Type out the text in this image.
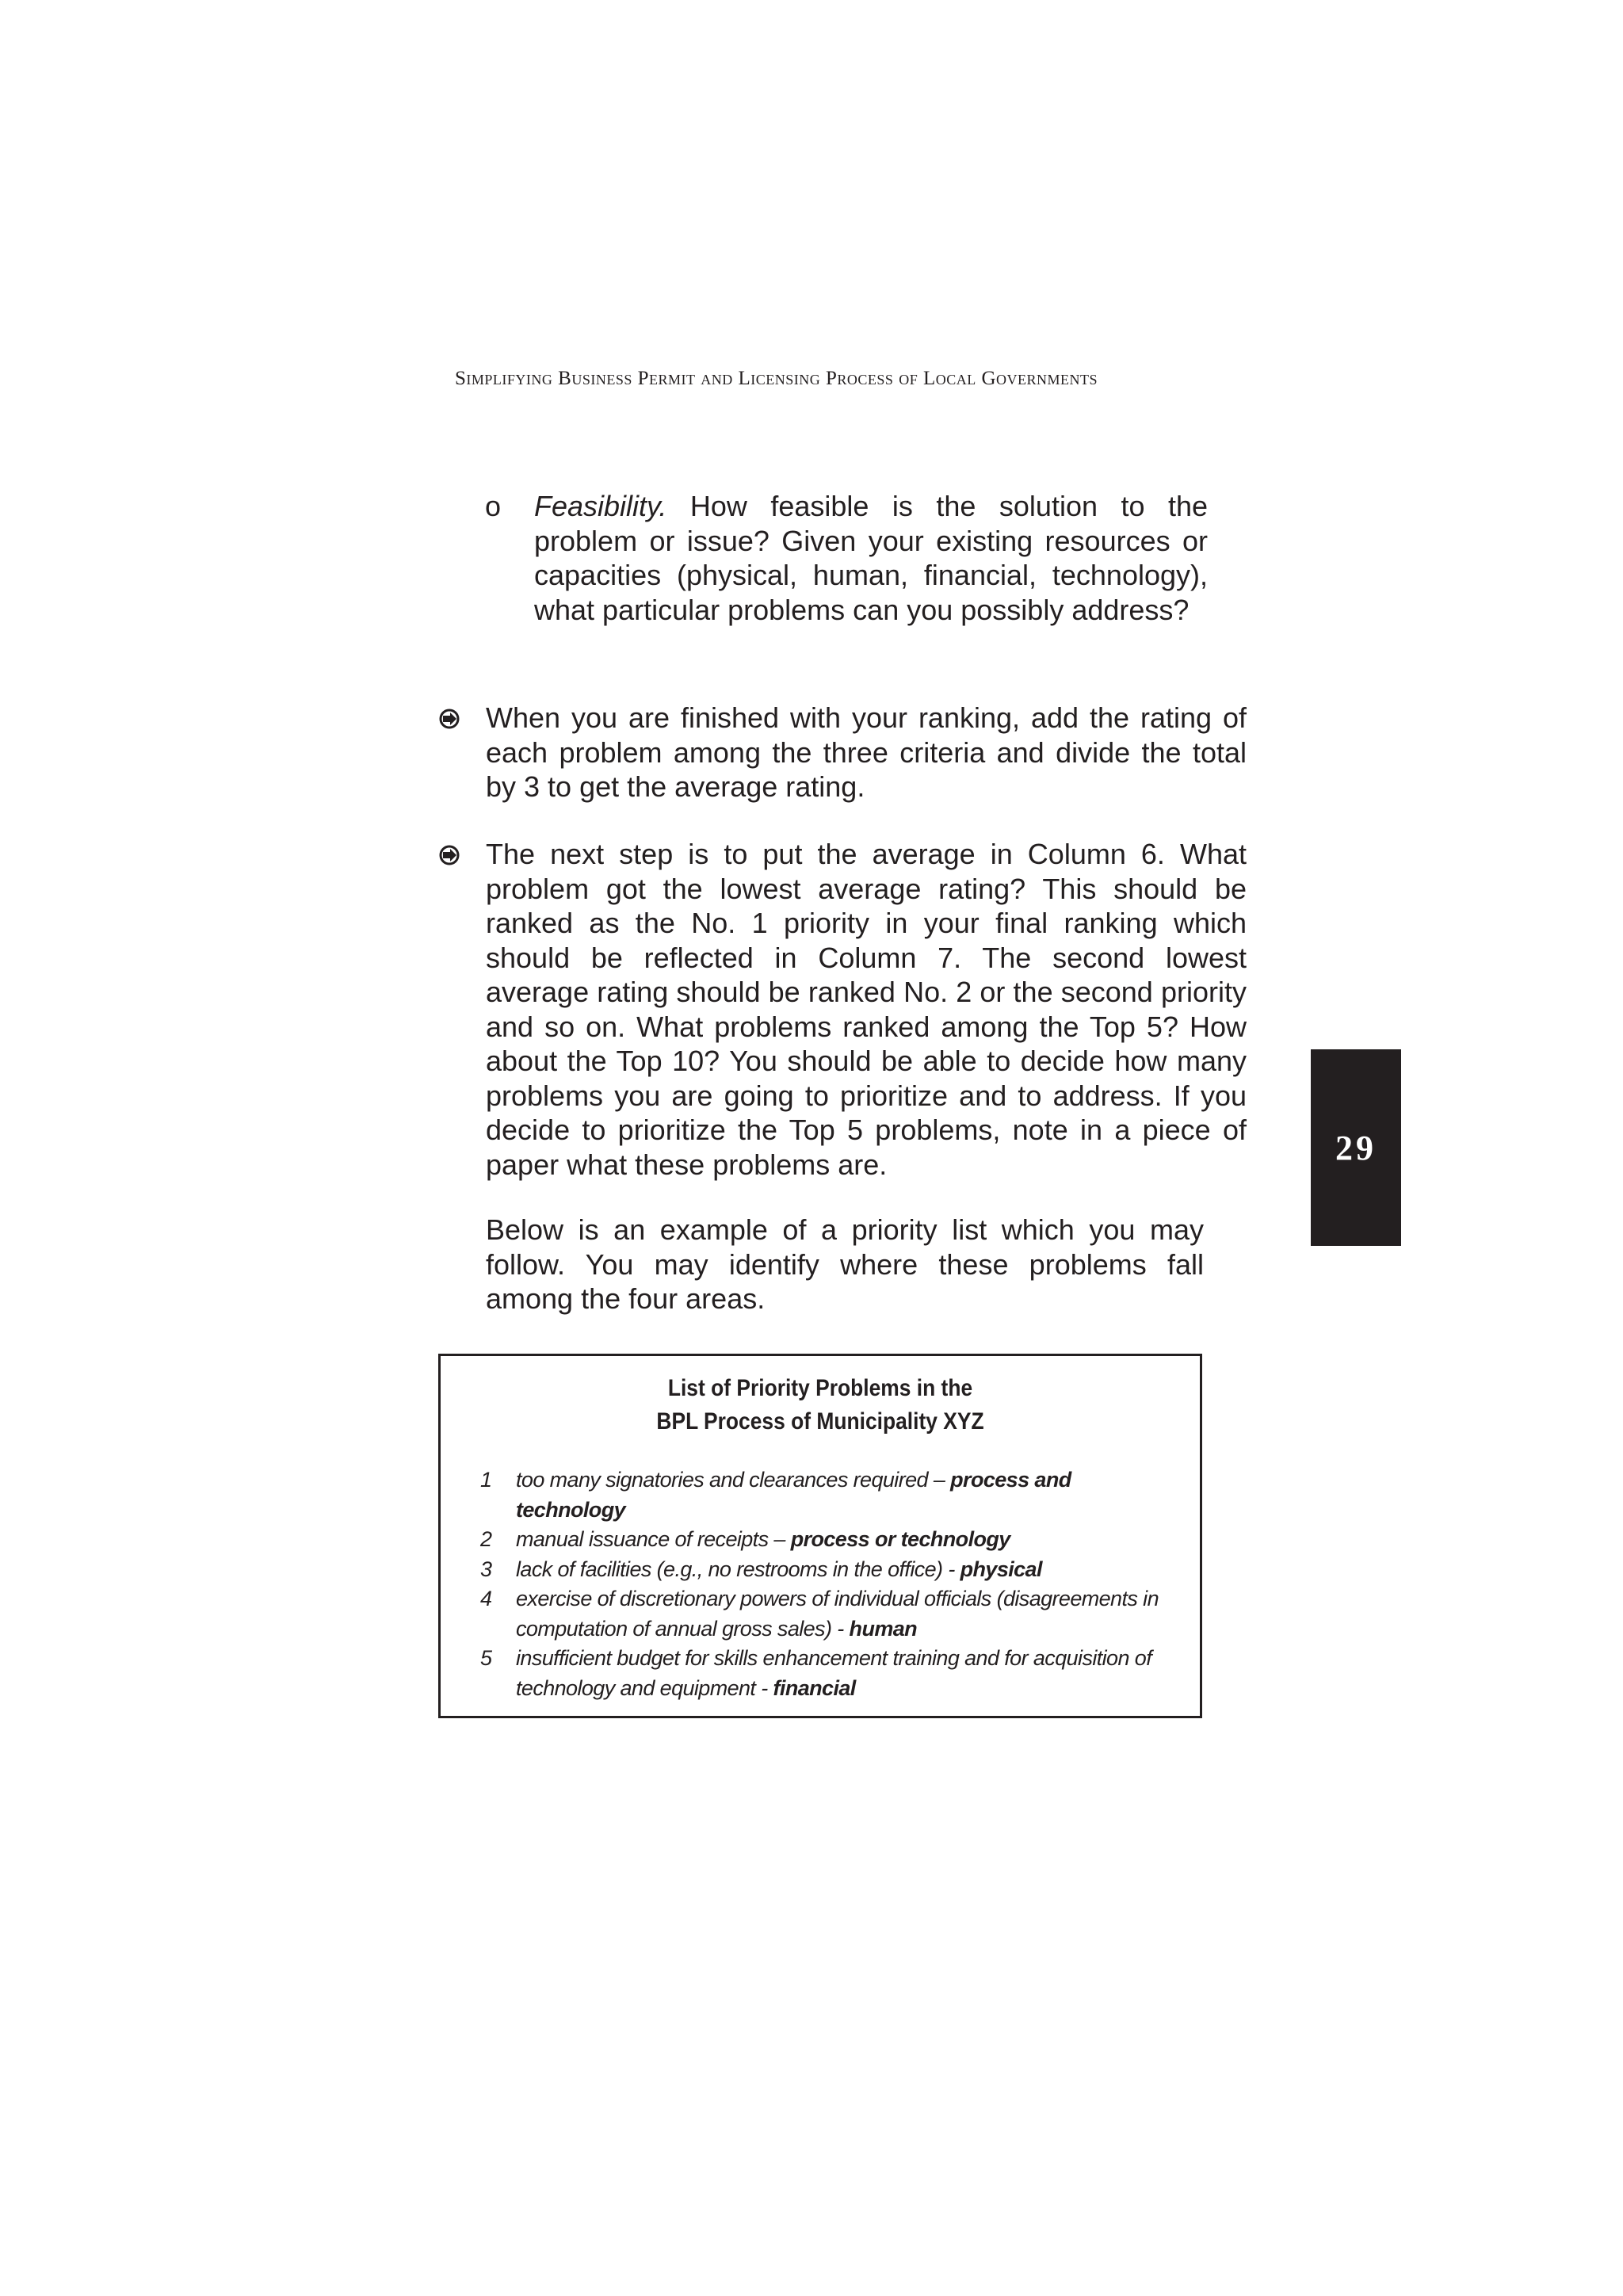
Simplifying Business Permit and Licensing Process of Local Governments
o Feasibility. How feasible is the solution to the problem or issue? Given your existing resources or capacities (physical, human, financial, technology), what particular problems can you possibly address?
When you are finished with your ranking, add the rating of each problem among the three criteria and divide the total by 3 to get the average rating.
The next step is to put the average in Column 6. What problem got the lowest average rating? This should be ranked as the No. 1 priority in your final ranking which should be reflected in Column 7. The second lowest average rating should be ranked No. 2 or the second priority and so on. What problems ranked among the Top 5? How about the Top 10? You should be able to decide how many problems you are going to prioritize and to address. If you decide to prioritize the Top 5 problems, note in a piece of paper what these problems are.
Below is an example of a priority list which you may follow. You may identify where these problems fall among the four areas.
29
List of Priority Problems in the
BPL Process of Municipality XYZ
1 too many signatories and clearances required – process and technology
2 manual issuance of receipts – process or technology
3 lack of facilities (e.g., no restrooms in the office) - physical
4 exercise of discretionary powers of individual officials (disagreements in computation of annual gross sales) - human
5 insufficient budget for skills enhancement training and for acquisition of technology and equipment - financial
